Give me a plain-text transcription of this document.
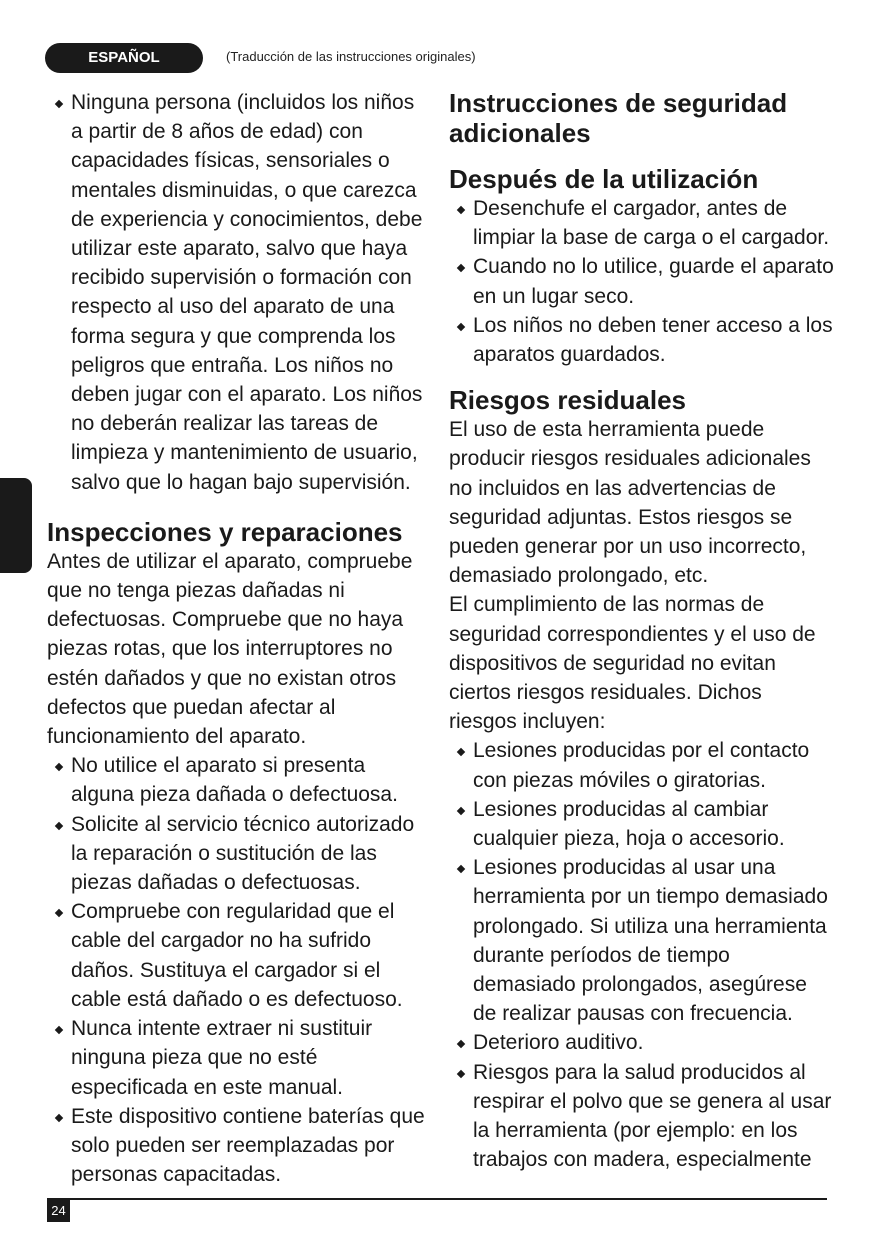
ESPAÑOL	(Traducción de las instrucciones originales)
Ninguna persona (incluidos los niños a partir de 8 años de edad) con capacidades físicas, sensoriales o mentales disminuidas, o que carezca de experiencia y conocimientos, debe utilizar este aparato, salvo que haya recibido supervisión o formación con respecto al uso del aparato de una forma segura y que comprenda los peligros que entraña. Los niños no deben jugar con el aparato. Los niños no deberán realizar las tareas de limpieza y mantenimiento de usuario, salvo que lo hagan bajo supervisión.
Inspecciones y reparaciones

Antes de utilizar el aparato, compruebe que no tenga piezas dañadas ni defectuosas. Compruebe que no haya piezas rotas, que los interruptores no estén dañados y que no existan otros defectos que puedan afectar al funcionamiento del aparato.

No utilice el aparato si presenta alguna pieza dañada o defectuosa.
Solicite al servicio técnico autorizado la reparación o sustitución de las piezas dañadas o defectuosas.
Compruebe con regularidad que el cable del cargador no ha sufrido daños. Sustituya el cargador si el cable está dañado o es defectuoso.
Nunca intente extraer ni sustituir ninguna pieza que no esté especificada en este manual.
Este dispositivo contiene baterías que solo pueden ser reemplazadas por personas capacitadas.
Instrucciones de seguridad adicionales
Después de la utilización
Desenchufe el cargador, antes de limpiar la base de carga o el cargador.
Cuando no lo utilice, guarde el aparato en un lugar seco.
Los niños no deben tener acceso a los aparatos guardados.
Riesgos residuales

El uso de esta herramienta puede producir riesgos residuales adicionales no incluidos en las advertencias de seguridad adjuntas. Estos riesgos se pueden generar por un uso incorrecto, demasiado prolongado, etc.

El cumplimiento de las normas de seguridad correspondientes y el uso de dispositivos de seguridad no evitan ciertos riesgos residuales. Dichos riesgos incluyen:

Lesiones producidas por el contacto con piezas móviles o giratorias.
Lesiones producidas al cambiar cualquier pieza, hoja o accesorio.
Lesiones producidas al usar una herramienta por un tiempo demasiado prolongado. Si utiliza una herramienta durante períodos de tiempo demasiado prolongados, asegúrese de realizar pausas con frecuencia.
Deterioro auditivo.
Riesgos para la salud producidos al respirar el polvo que se genera al usar la herramienta (por ejemplo: en los trabajos con madera, especialmente
24
